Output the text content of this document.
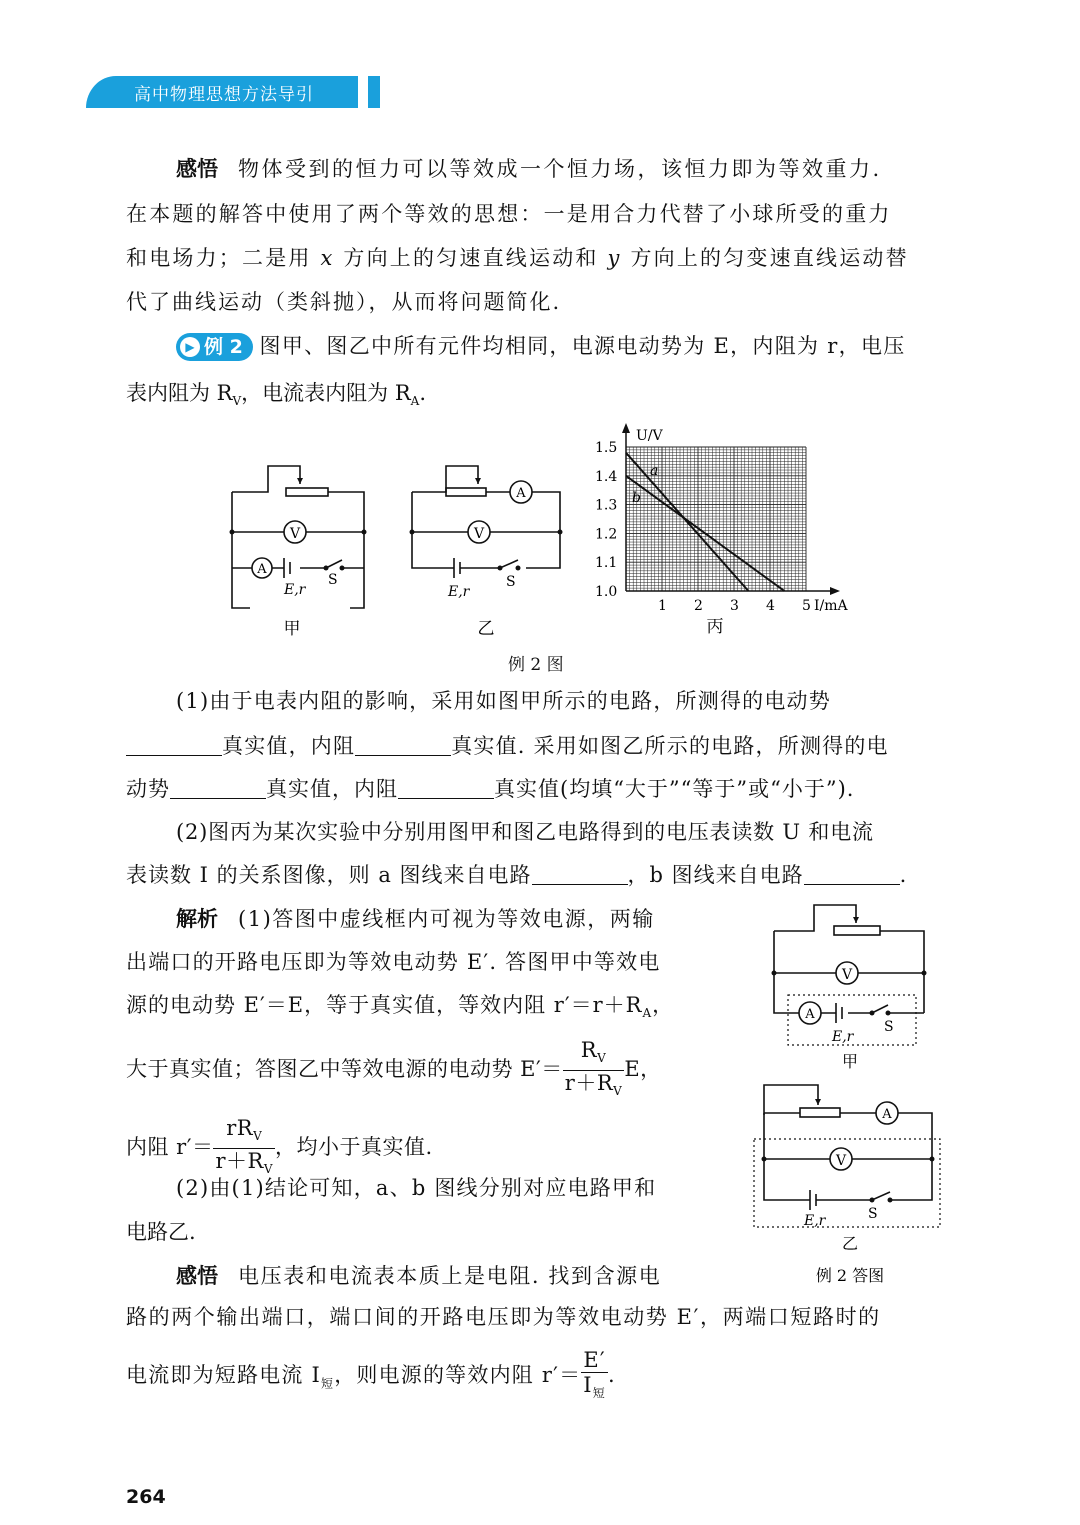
高中物理思想方法导引
感悟 物体受到的恒力可以等效成一个恒力场，该恒力即为等效重力.
在本题的解答中使用了两个等效的思想：一是用合力代替了小球所受的重力
和电场力；二是用 x 方向上的匀速直线运动和 y 方向上的匀变速直线运动替
代了曲线运动（类斜抛），从而将问题简化.
▶ 例 2 图甲、图乙中所有元件均相同，电源电动势为 E，内阻为 r，电压
表内阻为 $R_V$，电流表内阻为 $R_A$.
V
A
E,r
S
V
A
E,r
S
甲	乙
1 2 3 4 5
1.0
1.1
1.2
1.3
1.4
1.5
a
b
U/V
I/mA
丙
例 2 图
(1)由于电表内阻的影响，采用如图甲所示的电路，所测得的电动势
真实值，内阻	真实值. 采用如图乙所示的电路，所测得的电
动势	真实值，内阻	真实值(均填“大于”“等于”或“小于”).
(2)图丙为某次实验中分别用图甲和图乙电路得到的电压表读数 U 和电流
表读数 I 的关系图像，则 a 图线来自电路	，b 图线来自电路	.
解析 (1)答图中虚线框内可视为等效电源，两输
出端口的开路电压即为等效电动势 E′. 答图甲中等效电
源的电动势 E′＝E，等于真实值，等效内阻 $r'=r+R_A$，
大于真实值；答图乙中等效电源的电动势 $E'= \frac{R_V}{r+R_V}$ E，
内阻 $r'= \frac{rR_V}{r+R_V}$ ，均小于真实值.
(2)由(1)结论可知，a、b 图线分别对应电路甲和
电路乙.
V
A
E,r
S
甲
V
A
E,r	S
乙
例 2 答图
感悟 电压表和电流表本质上是电阻. 找到含源电
路的两个输出端口，端口间的开路电压即为等效电动势 E′，两端口短路时的
电流即为短路电流 $I_短$，则电源的等效内阻 $r'= \frac{E'}{I_短}$ .
264
